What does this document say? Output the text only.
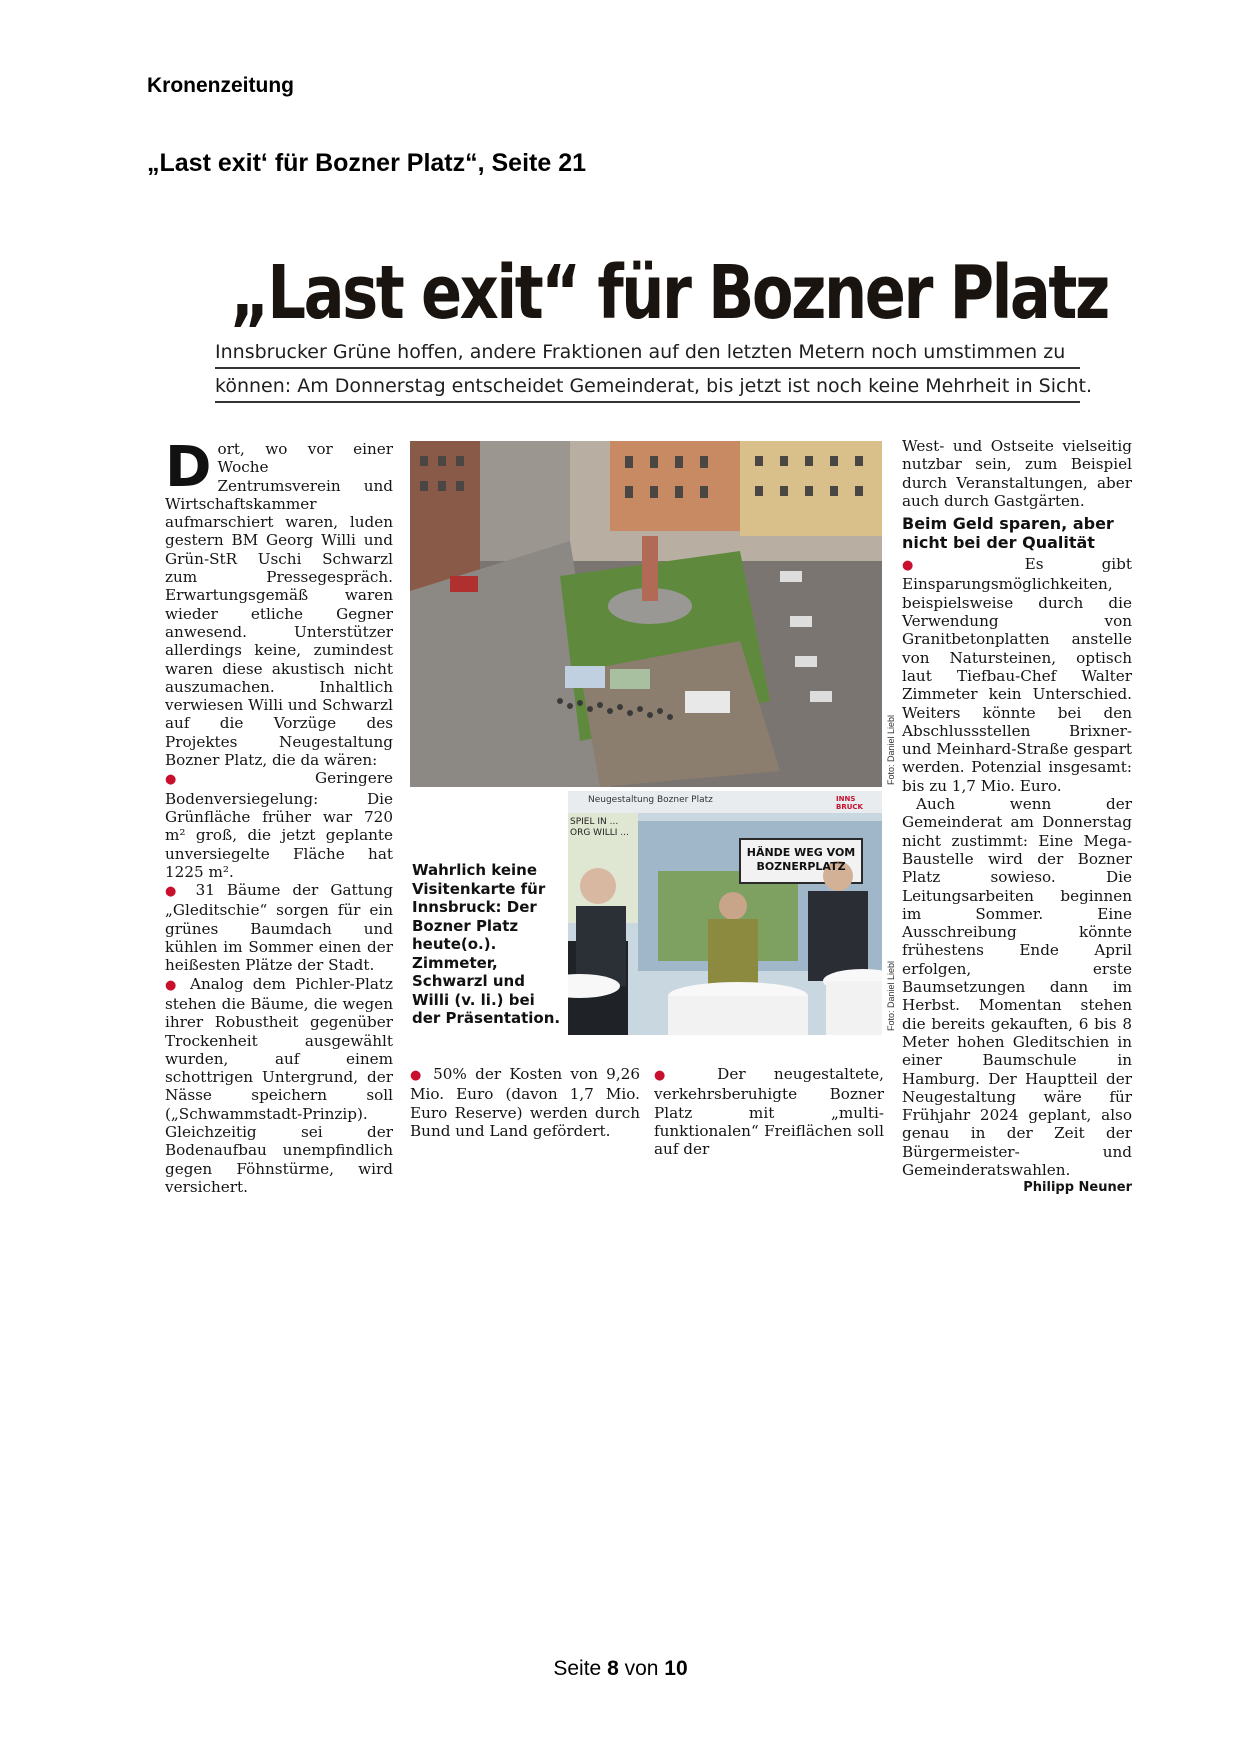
Kronenzeitung
„Last exit‘ für Bozner Platz“, Seite 21
„Last exit“ für Bozner Platz
Innsbrucker Grüne hoffen, andere Fraktionen auf den letzten Metern noch umstimmen zu
können: Am Donnerstag entscheidet Gemeinderat, bis jetzt ist noch keine Mehrheit in Sicht.
D ort, wo vor einer Woche Zentrumsverein und Wirtschaftskammer aufmarschiert waren, luden gestern BM Georg Willi und Grün-StR Uschi Schwarzl zum Pressegespräch. Erwartungsgemäß waren wieder etliche Gegner anwesend. Unterstützer allerdings keine, zumindest waren diese akustisch nicht auszumachen. Inhaltlich verwiesen Willi und Schwarzl auf die Vorzüge des Projektes Neugestaltung Bozner Platz, die da wären:

●	Geringere Bodenversiegelung: Die Grünfläche früher war 720 m² groß, die jetzt geplante unversiegelte Fläche hat 1225 m².

● 31 Bäume der Gattung „Gleditschie“ sorgen für ein grünes Baumdach und kühlen im Sommer einen der heißesten Plätze der Stadt.

● Analog dem Pichler-Platz stehen die Bäume, die wegen ihrer Robustheit gegenüber Trockenheit ausgewählt wurden, auf einem schottrigen Untergrund, der Nässe speichern soll („Schwammstadt-Prinzip). Gleichzeitig sei der Bodenaufbau unempfindlich gegen Föhnstürme, wird versichert.

Foto: Daniel Liebl
Neugestaltung Bozner Platz
HÄNDE WEG VOM BOZNERPLATZ
SPIEL IN ... ORG WILLI ...
INNS BRUCK
Foto: Daniel Liebl
Wahrlich keine Visitenkarte für Innsbruck: Der Bozner Platz heute(o.). Zimmeter, Schwarzl und Willi (v. li.) bei der Präsentation.

● 50% der Kosten von 9,26 Mio. Euro (davon 1,7 Mio. Euro Reserve) werden durch Bund und Land gefördert.

● Der neugestaltete, verkehrsberuhigte Bozner Platz mit „multi-funktionalen“ Freiflächen soll auf der

West- und Ostseite vielseitig nutzbar sein, zum Beispiel durch Veranstaltungen, aber auch durch Gastgärten.

Beim Geld sparen, aber nicht bei der Qualität

●	Es gibt Einsparungsmöglichkeiten, beispielsweise durch die Verwendung von Granitbetonplatten anstelle von Natursteinen, optisch laut Tiefbau-Chef Walter Zimmeter kein Unterschied. Weiters könnte bei den Abschlussstellen Brixner- und Meinhard-Straße gespart werden. Potenzial insgesamt: bis zu 1,7 Mio. Euro.

Auch wenn der Gemeinderat am Donnerstag nicht zustimmt: Eine Mega-Baustelle wird der Bozner Platz sowieso. Die Leitungsarbeiten beginnen im Sommer. Eine Ausschreibung könnte frühestens Ende April erfolgen, erste Baumsetzungen dann im Herbst. Momentan stehen die bereits gekauften, 6 bis 8 Meter hohen Gleditschien in einer Baumschule in Hamburg. Der Hauptteil der Neugestaltung wäre für Frühjahr 2024 geplant, also genau in der Zeit der Bürgermeister- und Gemeinderatswahlen.
Philipp Neuner

Seite 8 von 10
